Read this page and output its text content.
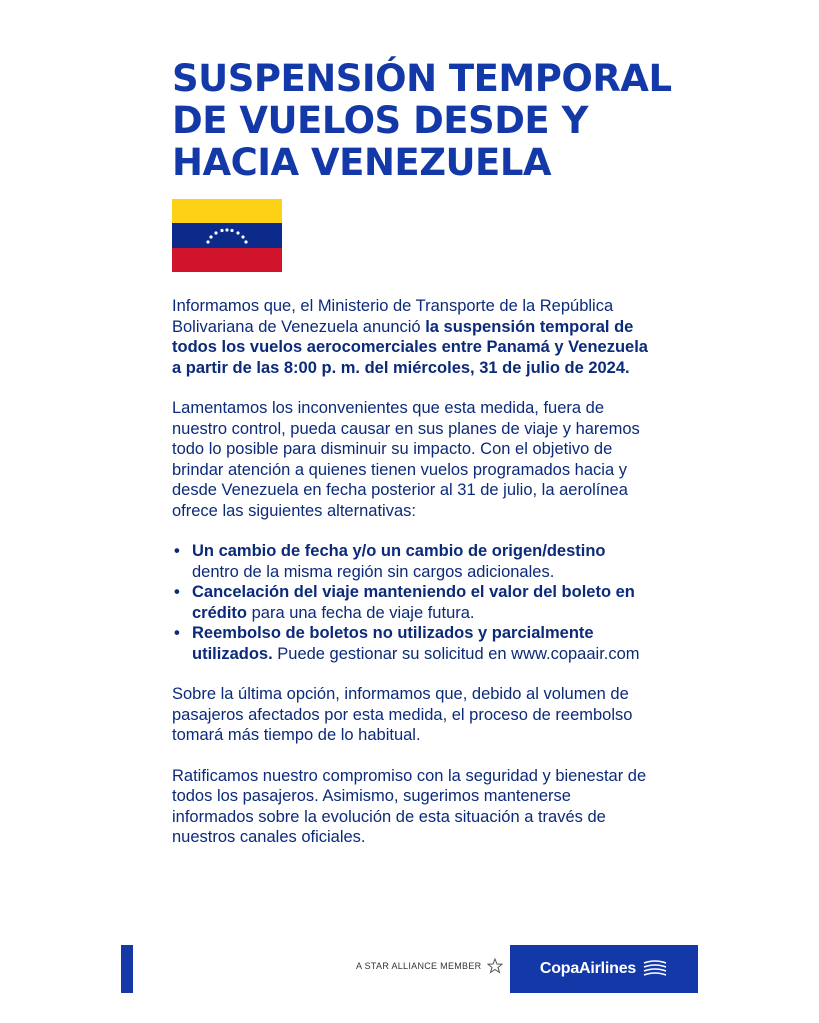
SUSPENSIÓN TEMPORAL
DE VUELOS DESDE Y
HACIA VENEZUELA

Informamos que, el Ministerio de Transporte de la República Bolivariana de Venezuela anunció la suspensión temporal de todos los vuelos aerocomerciales entre Panamá y Venezuela a partir de las 8:00 p. m. del miércoles, 31 de julio de 2024.

Lamentamos los inconvenientes que esta medida, fuera de nuestro control, pueda causar en sus planes de viaje y haremos todo lo posible para disminuir su impacto. Con el objetivo de brindar atención a quienes tienen vuelos programados hacia y desde Venezuela en fecha posterior al 31 de julio, la aerolínea ofrece las siguientes alternativas:

• Un cambio de fecha y/o un cambio de origen/destino dentro de la misma región sin cargos adicionales.
• Cancelación del viaje manteniendo el valor del boleto en crédito para una fecha de viaje futura.
• Reembolso de boletos no utilizados y parcialmente utilizados. Puede gestionar su solicitud en www.copaair.com

Sobre la última opción, informamos que, debido al volumen de pasajeros afectados por esta medida, el proceso de reembolso tomará más tiempo de lo habitual.

Ratificamos nuestro compromiso con la seguridad y bienestar de todos los pasajeros. Asimismo, sugerimos mantenerse informados sobre la evolución de esta situación a través de nuestros canales oficiales.

A STAR ALLIANCE MEMBER	CopaAirlines
